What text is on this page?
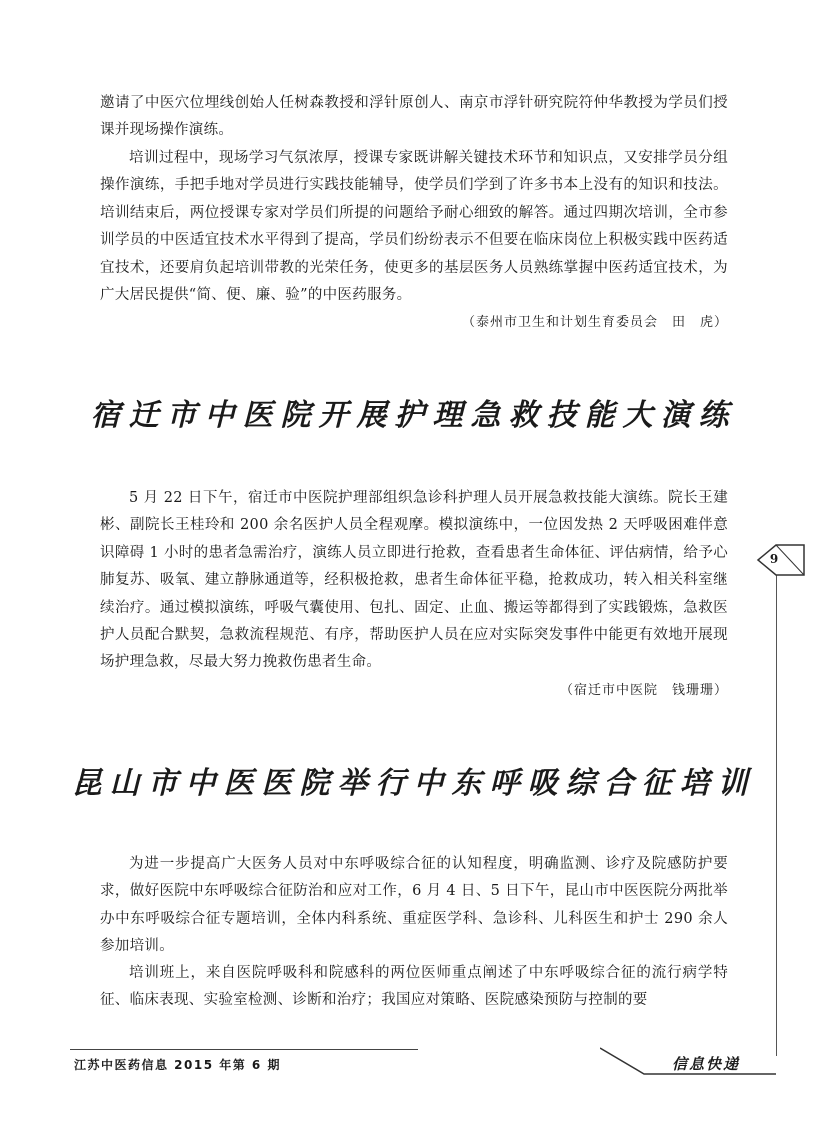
邀请了中医穴位埋线创始人任树森教授和浮针原创人、南京市浮针研究院符仲华教授为学员们授课并现场操作演练。

培训过程中，现场学习气氛浓厚，授课专家既讲解关键技术环节和知识点，又安排学员分组操作演练，手把手地对学员进行实践技能辅导，使学员们学到了许多书本上没有的知识和技法。培训结束后，两位授课专家对学员们所提的问题给予耐心细致的解答。通过四期次培训，全市参训学员的中医适宜技术水平得到了提高，学员们纷纷表示不但要在临床岗位上积极实践中医药适宜技术，还要肩负起培训带教的光荣任务，使更多的基层医务人员熟练掌握中医药适宜技术，为广大居民提供“简、便、廉、验”的中医药服务。

（泰州市卫生和计划生育委员会　田　虎）

宿迁市中医院开展护理急救技能大演练

5 月 22 日下午，宿迁市中医院护理部组织急诊科护理人员开展急救技能大演练。院长王建彬、副院长王桂玲和 200 余名医护人员全程观摩。模拟演练中，一位因发热 2 天呼吸困难伴意识障碍 1 小时的患者急需治疗，演练人员立即进行抢救，查看患者生命体征、评估病情，给予心肺复苏、吸氧、建立静脉通道等，经积极抢救，患者生命体征平稳，抢救成功，转入相关科室继续治疗。通过模拟演练，呼吸气囊使用、包扎、固定、止血、搬运等都得到了实践锻炼，急救医护人员配合默契，急救流程规范、有序，帮助医护人员在应对实际突发事件中能更有效地开展现场护理急救，尽最大努力挽救伤患者生命。

（宿迁市中医院　钱珊珊）

昆山市中医医院举行中东呼吸综合征培训

为进一步提高广大医务人员对中东呼吸综合征的认知程度，明确监测、诊疗及院感防护要求，做好医院中东呼吸综合征防治和应对工作，6 月 4 日、5 日下午，昆山市中医医院分两批举办中东呼吸综合征专题培训，全体内科系统、重症医学科、急诊科、儿科医生和护士 290 余人参加培训。

培训班上，来自医院呼吸科和院感科的两位医师重点阐述了中东呼吸综合征的流行病学特征、临床表现、实验室检测、诊断和治疗；我国应对策略、医院感染预防与控制的要

9
江苏中医药信息 2015 年第 6 期	信息快递
